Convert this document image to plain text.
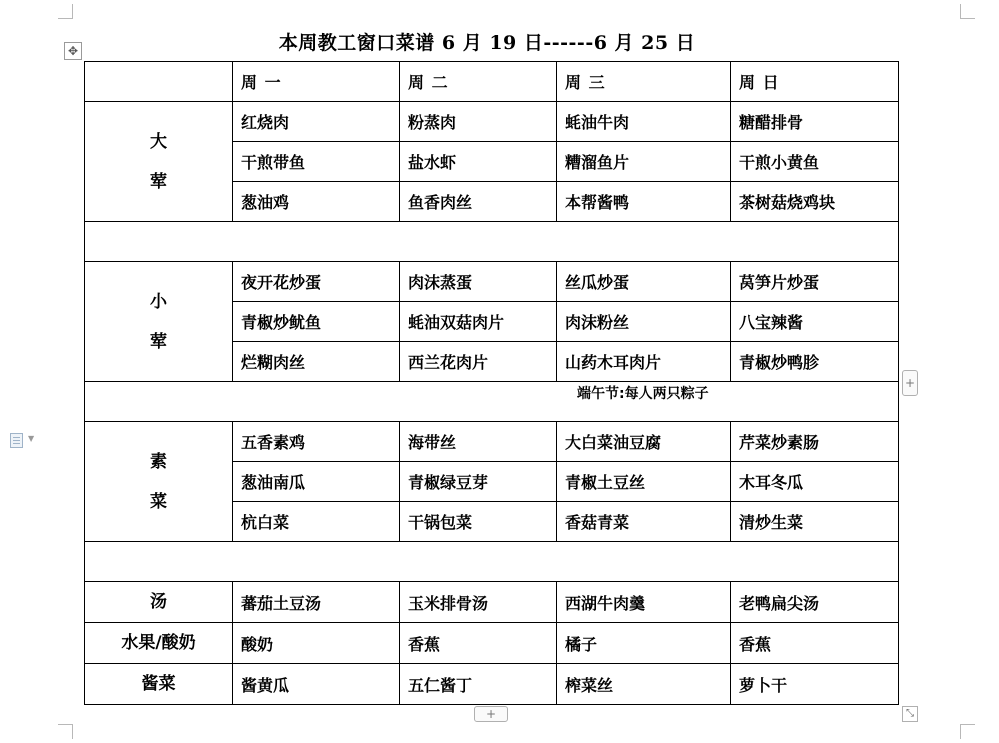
✥
▼
本周教工窗口菜谱 6 月 19 日------6 月 25 日
	周 一	周 二	周 三	周 日

大
荤	红烧肉	粉蒸肉	蚝油牛肉	糖醋排骨
	干煎带鱼	盐水虾	糟溜鱼片	干煎小黄鱼
	葱油鸡	鱼香肉丝	本帮酱鸭	茶树菇烧鸡块

小
荤	夜开花炒蛋	肉沫蒸蛋	丝瓜炒蛋	莴笋片炒蛋
	青椒炒鱿鱼	蚝油双菇肉片	肉沫粉丝	八宝辣酱
	烂糊肉丝	西兰花肉片	山药木耳肉片	青椒炒鸭胗

端午节:每人两只粽子				

素
菜	五香素鸡	海带丝	大白菜油豆腐	芹菜炒素肠
	葱油南瓜	青椒绿豆芽	青椒土豆丝	木耳冬瓜
	杭白菜	干锅包菜	香菇青菜	清炒生菜

汤	蕃茄土豆汤	玉米排骨汤	西湖牛肉羹	老鸭扁尖汤
水果/酸奶	酸奶	香蕉	橘子	香蕉
酱菜	酱黄瓜	五仁酱丁	榨菜丝	萝卜干
+
+	⤡
